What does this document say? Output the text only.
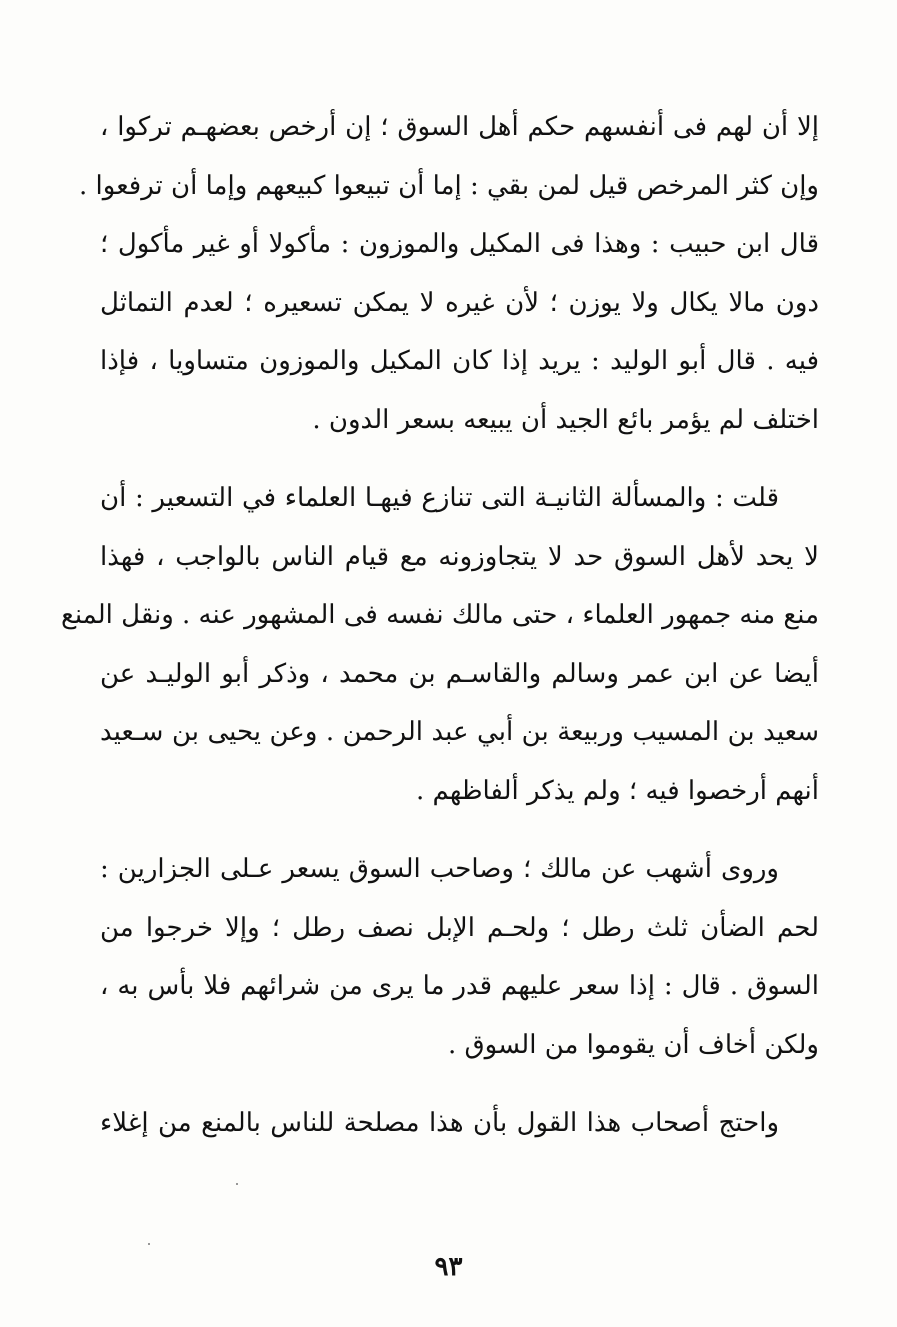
إلا أن لهم فى أنفسهم حكم أهل السوق ؛ إن أرخص بعضهـم تركوا ،
وإن كثر المرخص قيل لمن بقي : إما أن تبيعوا كبيعهم وإما أن ترفعوا .
قال ابن حبيب : وهذا فى المكيل والموزون : مأكولا أو غير مأكول ؛
دون مالا يكال ولا يوزن ؛ لأن غيره لا يمكن تسعيره ؛ لعدم التماثل
فيه . قال أبو الوليد : يريد إذا كان المكيل والموزون متساويا ، فإذا
اختلف لم يؤمر بائع الجيد أن يبيعه بسعر الدون .
قلت : والمسألة الثانيـة التى تنازع فيهـا العلماء في التسعير : أن
لا يحد لأهل السوق حد لا يتجاوزونه مع قيام الناس بالواجب ، فهذا
منع منه جمهور العلماء ، حتى مالك نفسه فى المشهور عنه . ونقل المنع
أيضا عن ابن عمر وسالم والقاسـم بن محمد ، وذكر أبو الوليـد عن
سعيد بن المسيب وربيعة بن أبي عبد الرحمن . وعن يحيى بن سـعيد
أنهم أرخصوا فيه ؛ ولم يذكر ألفاظهم .
وروى أشهب عن مالك ؛ وصاحب السوق يسعر عـلى الجزارين :
لحم الضأن ثلث رطل ؛ ولحـم الإبل نصف رطل ؛ وإلا خرجوا من
السوق . قال : إذا سعر عليهم قدر ما يرى من شرائهم فلا بأس به ،
ولكن أخاف أن يقوموا من السوق .
واحتج أصحاب هذا القول بأن هذا مصلحة للناس بالمنع من إغلاء
٩٣
